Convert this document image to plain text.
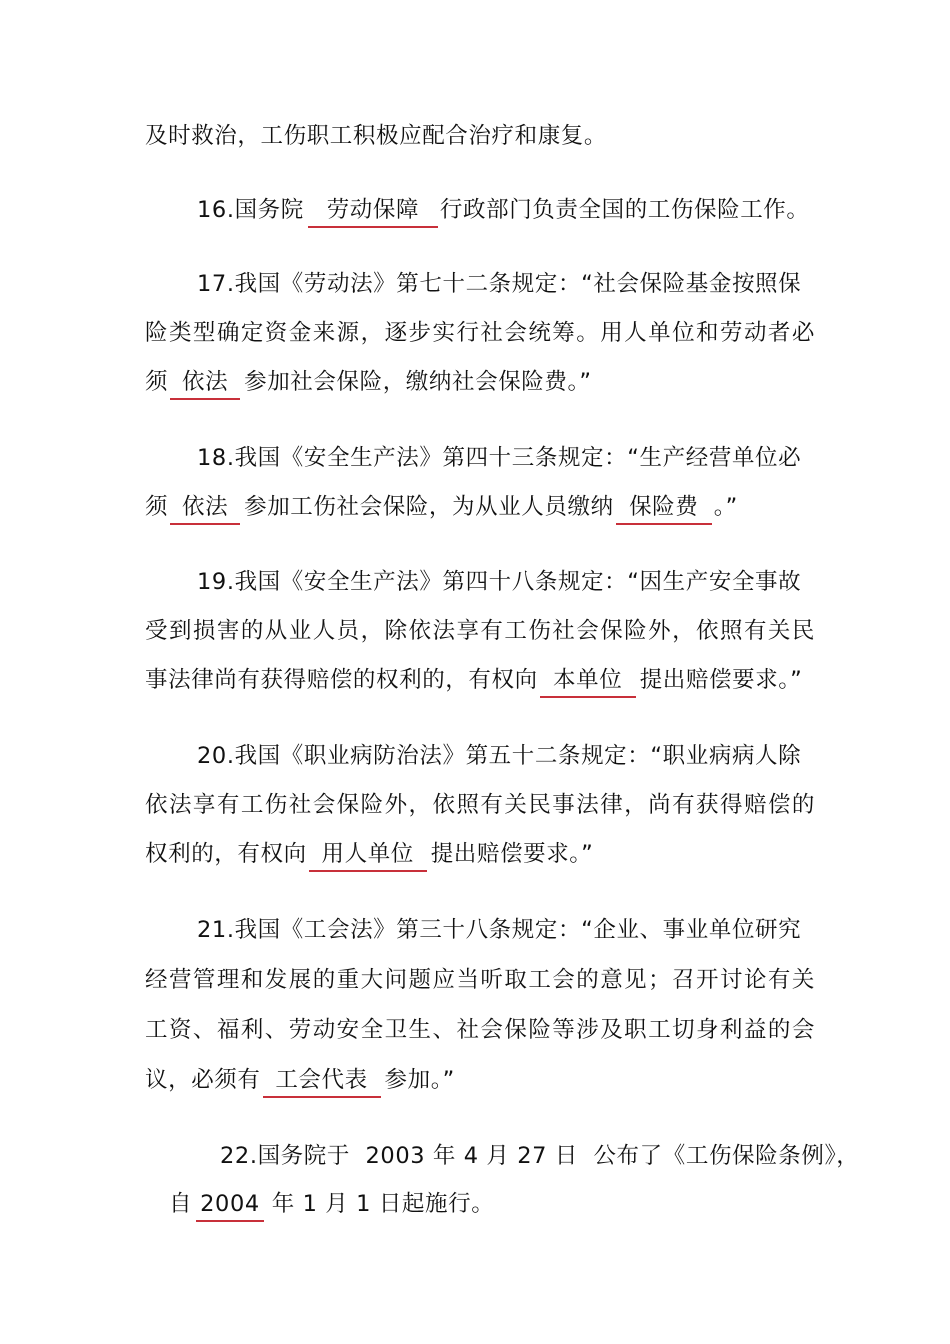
及时救治，工伤职工积极应配合治疗和康复。
16.国务院 劳动保障 行政部门负责全国的工伤保险工作。
17.我国《劳动法》第七十二条规定：“社会保险基金按照保
险类型确定资金来源，逐步实行社会统筹。用人单位和劳动者必
须 依法 参加社会保险，缴纳社会保险费。”
18.我国《安全生产法》第四十三条规定：“生产经营单位必
须 依法 参加工伤社会保险，为从业人员缴纳 保险费 。”
19.我国《安全生产法》第四十八条规定：“因生产安全事故
受到损害的从业人员，除依法享有工伤社会保险外，依照有关民
事法律尚有获得赔偿的权利的，有权向 本单位 提出赔偿要求。”
20.我国《职业病防治法》第五十二条规定：“职业病病人除
依法享有工伤社会保险外，依照有关民事法律，尚有获得赔偿的
权利的，有权向 用人单位 提出赔偿要求。”
21.我国《工会法》第三十八条规定：“企业、事业单位研究
经营管理和发展的重大问题应当听取工会的意见；召开讨论有关
工资、福利、劳动安全卫生、社会保险等涉及职工切身利益的会
议，必须有 工会代表 参加。”
22.国务院于  2003 年 4 月 27 日  公布了《工伤保险条例》，
自 2004 年 1 月 1 日起施行。
